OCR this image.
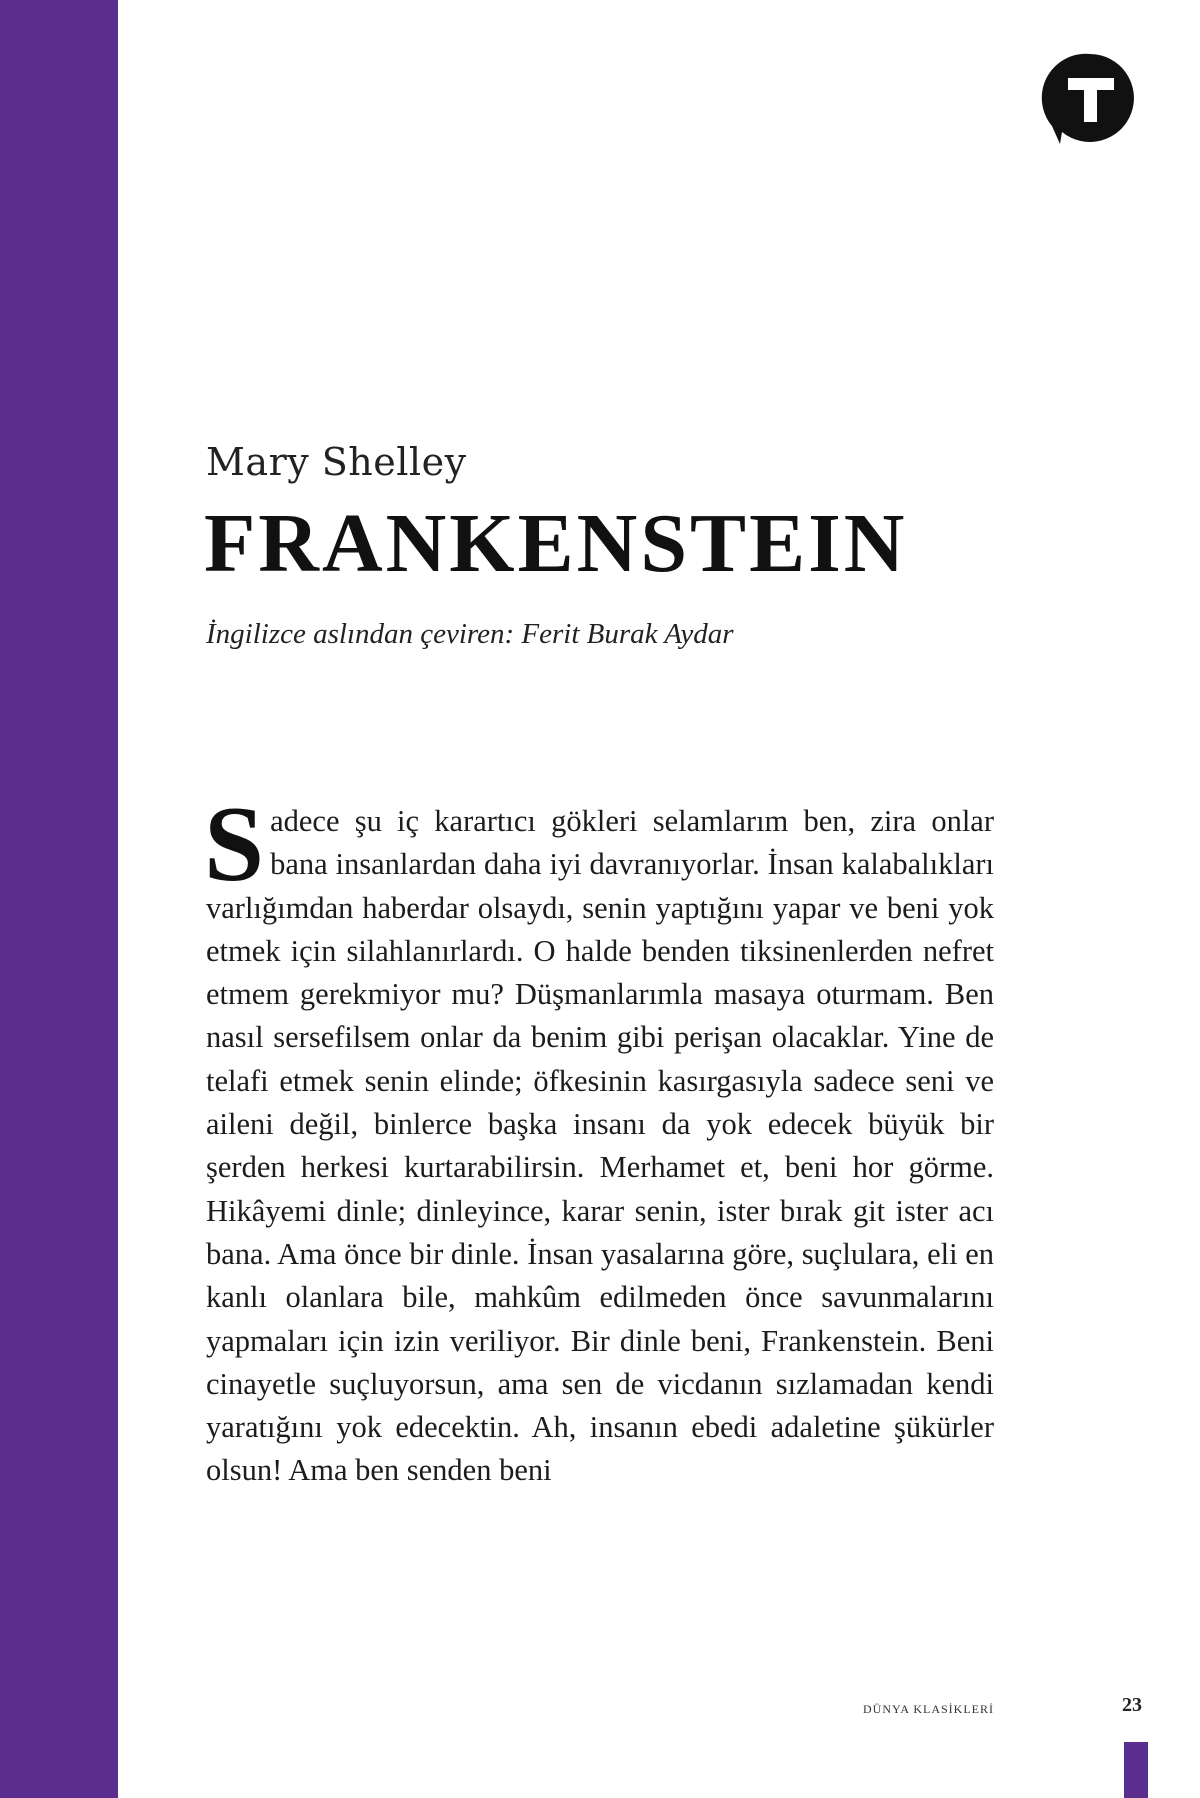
Mary Shelley
FRANKENSTEIN
İngilizce aslından çeviren: Ferit Burak Aydar

Sadece şu iç karartıcı gökleri selamlarım ben, zira onlar bana insanlardan daha iyi davranıyorlar. İnsan kalabalıkları varlığımdan haberdar olsaydı, senin yaptığını yapar ve beni yok etmek için silahlanırlardı. O halde benden tiksinenlerden nefret etmem gerekmiyor mu? Düşmanlarımla masaya oturmam. Ben nasıl sersefilsem onlar da benim gibi perişan olacaklar. Yine de telafi etmek senin elinde; öfkesinin kasırgasıyla sadece seni ve aileni değil, binlerce başka insanı da yok edecek büyük bir şerden herkesi kurtarabilirsin. Merhamet et, beni hor görme. Hikâyemi dinle; dinleyince, karar senin, ister bırak git ister acı bana. Ama önce bir dinle. İnsan yasalarına göre, suçlulara, eli en kanlı olanlara bile, mahkûm edilmeden önce savunmalarını yapmaları için izin veriliyor. Bir dinle beni, Frankenstein. Beni cinayetle suçluyorsun, ama sen de vicdanın sızlamadan kendi yaratığını yok edecektin. Ah, insanın ebedi adaletine şükürler olsun! Ama ben senden beni

DÜNYA KLASİKLERİ	23
